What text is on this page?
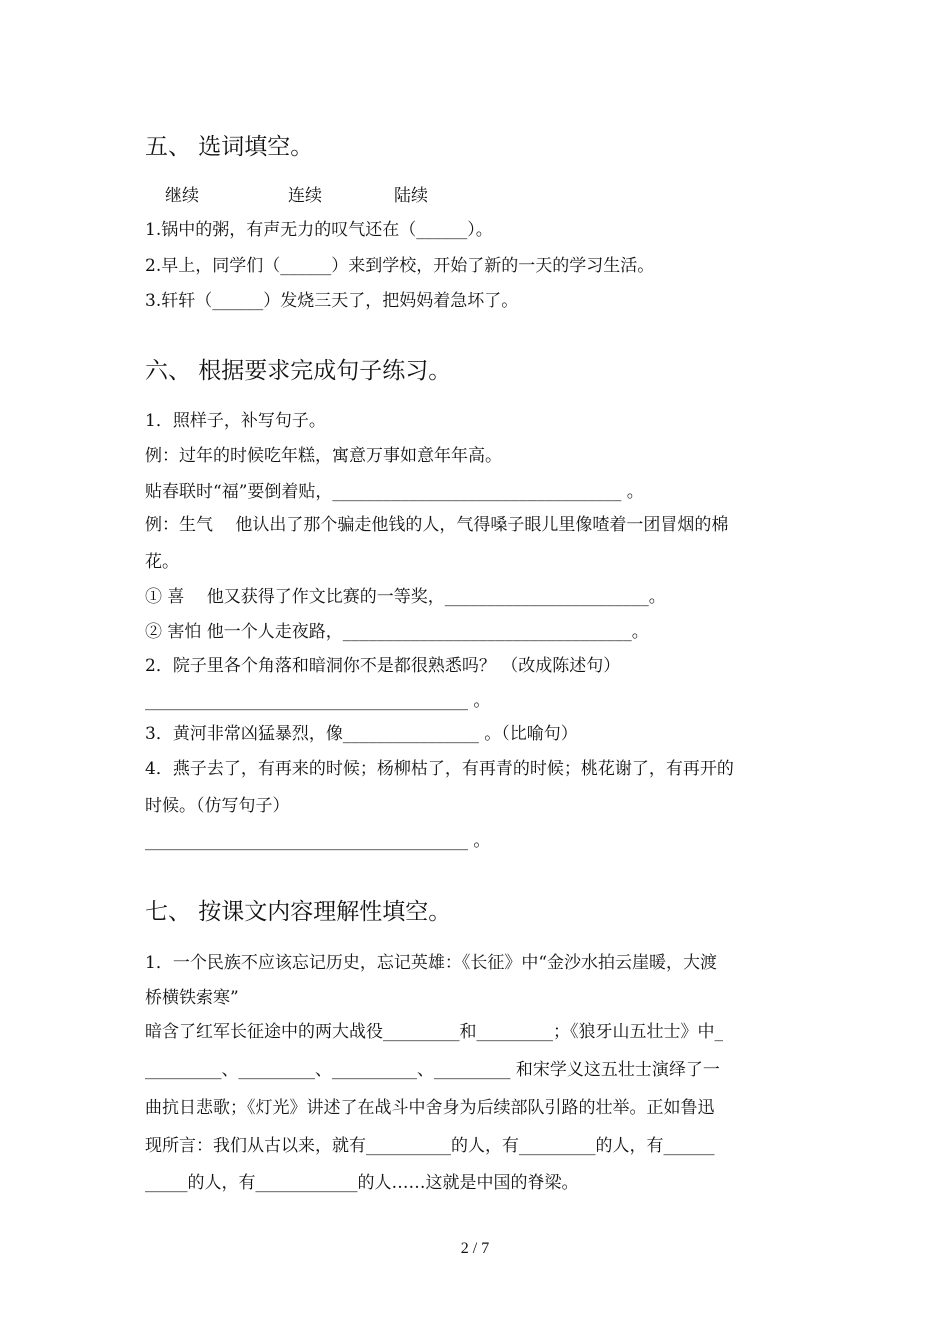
五、 选词填空。
继续	连续	陆续
1.锅中的粥，有声无力的叹气还在（______）。
2.早上，同学们（______）来到学校，开始了新的一天的学习生活。
3.轩轩（______）发烧三天了，把妈妈着急坏了。
六、 根据要求完成句子练习。
1．照样子，补写句子。
例：过年的时候吃年糕，寓意万事如意年年高。
贴春联时“福”要倒着贴，__________________________________ 。
例：生气　 他认出了那个骗走他钱的人，气得嗓子眼儿里像喳着一团冒烟的棉
花。
① 喜　 他又获得了作文比赛的一等奖，________________________。
② 害怕 他一个人走夜路，__________________________________。
2．院子里各个角落和暗洞你不是都很熟悉吗？ （改成陈述句）
______________________________________ 。
3．黄河非常凶猛暴烈，像________________ 。（比喻句）
4．燕子去了，有再来的时候；杨柳枯了，有再青的时候；桃花谢了，有再开的
时候。（仿写句子）
______________________________________ 。
七、 按课文内容理解性填空。
1．一个民族不应该忘记历史，忘记英雄：《长征》中“金沙水拍云崖暖，大渡
桥横铁索寒”
暗含了红军长征途中的两大战役_________和_________；《狼牙山五壮士》中_
_________、_________、__________、_________ 和宋学义这五壮士演绎了一
曲抗日悲歌；《灯光》讲述了在战斗中舍身为后续部队引路的壮举。正如鲁迅
现所言：我们从古以来，就有__________的人，有_________的人，有______
_____的人，有____________的人……这就是中国的脊梁。
2 / 7
